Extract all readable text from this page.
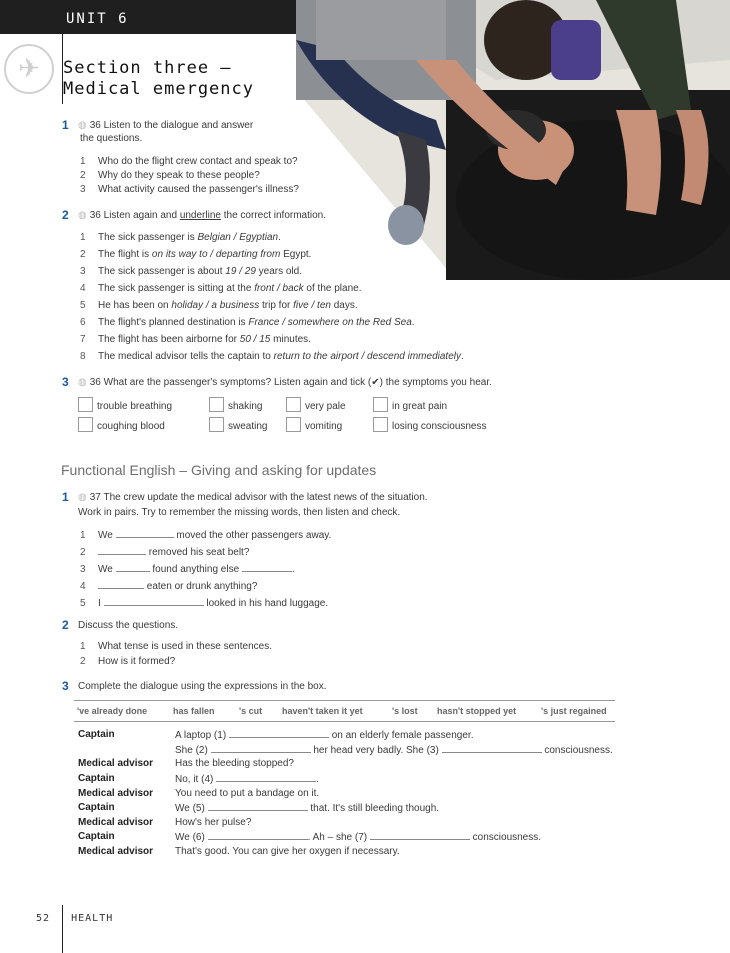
UNIT 6
✈	Section three –
Medical emergency
1 ◍ 36 Listen to the dialogue and answer
the questions.
1 Who do the flight crew contact and speak to?
2 Why do they speak to these people?
3 What activity caused the passenger's illness?
2 ◍ 36 Listen again and underline the correct information.
1 The sick passenger is Belgian / Egyptian.
2 The flight is on its way to / departing from Egypt.
3 The sick passenger is about 19 / 29 years old.
4 The sick passenger is sitting at the front / back of the plane.
5 He has been on holiday / a business trip for five / ten days.
6 The flight's planned destination is France / somewhere on the Red Sea.
7 The flight has been airborne for 50 / 15 minutes.
8 The medical advisor tells the captain to return to the airport / descend immediately.
3 ◍ 36 What are the passenger's symptoms? Listen again and tick (✔) the symptoms you hear.
trouble breathing	shaking	very pale	in great pain
coughing blood	sweating	vomiting	losing consciousness
Functional English – Giving and asking for updates
1 ◍ 37 The crew update the medical advisor with the latest news of the situation.
Work in pairs. Try to remember the missing words, then listen and check.
1 We	moved the other passengers away.
2	removed his seat belt?
3 We	found anything else	.
4	eaten or drunk anything?
5 I	looked in his hand luggage.
2 Discuss the questions.
1 What tense is used in these sentences.
2 How is it formed?
3 Complete the dialogue using the expressions in the box.
've already done	has fallen	's cut haven't taken it yet	's lost hasn't stopped yet	's just regained
Captain	A laptop (1)	on an elderly female passenger.
She (2)	her head very badly. She (3)	consciousness.
Medical advisor Has the bleeding stopped?
Captain	No, it (4)	.
Medical advisor You need to put a bandage on it.
Captain	We (5)	that. It's still bleeding though.
Medical advisor How's her pulse?
Captain	We (6)	. Ah – she (7)	consciousness.
Medical advisor That's good. You can give her oxygen if necessary.
52 HEALTH
